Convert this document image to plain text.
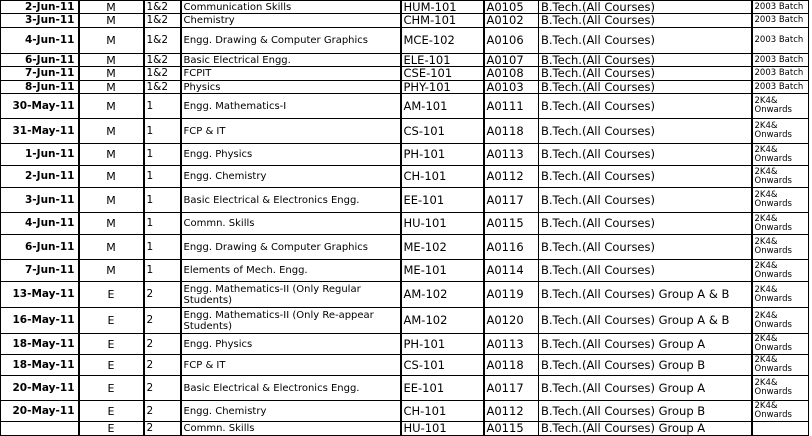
2-Jun-11	M	1&2	Communication Skills	HUM-101	A0105	B.Tech.(All Courses)	2003 Batch
3-Jun-11	M	1&2	Chemistry	CHM-101	A0102	B.Tech.(All Courses)	2003 Batch
4-Jun-11	M	1&2	Engg. Drawing & Computer Graphics	MCE-102	A0106	B.Tech.(All Courses)	2003 Batch
6-Jun-11	M	1&2	Basic Electrical Engg.	ELE-101	A0107	B.Tech.(All Courses)	2003 Batch
7-Jun-11	M	1&2	FCPIT	CSE-101	A0108	B.Tech.(All Courses)	2003 Batch
8-Jun-11	M	1&2	Physics	PHY-101	A0103	B.Tech.(All Courses)	2003 Batch
30-May-11	M	1	Engg. Mathematics-I	AM-101	A0111	B.Tech.(All Courses)	2K4& Onwards
31-May-11	M	1	FCP & IT	CS-101	A0118	B.Tech.(All Courses)	2K4& Onwards
1-Jun-11	M	1	Engg. Physics	PH-101	A0113	B.Tech.(All Courses)	2K4& Onwards
2-Jun-11	M	1	Engg. Chemistry	CH-101	A0112	B.Tech.(All Courses)	2K4& Onwards
3-Jun-11	M	1	Basic Electrical & Electronics Engg.	EE-101	A0117	B.Tech.(All Courses)	2K4& Onwards
4-Jun-11	M	1	Commn. Skills	HU-101	A0115	B.Tech.(All Courses)	2K4& Onwards
6-Jun-11	M	1	Engg. Drawing & Computer Graphics	ME-102	A0116	B.Tech.(All Courses)	2K4& Onwards
7-Jun-11	M	1	Elements of Mech. Engg.	ME-101	A0114	B.Tech.(All Courses)	2K4& Onwards
13-May-11	E	2	Engg. Mathematics-II (Only Regular Students)	AM-102	A0119	B.Tech.(All Courses) Group A & B	2K4& Onwards
16-May-11	E	2	Engg. Mathematics-II (Only Re-appear Students)	AM-102	A0120	B.Tech.(All Courses) Group A & B	2K4& Onwards
18-May-11	E	2	Engg. Physics	PH-101	A0113	B.Tech.(All Courses) Group A	2K4& Onwards
18-May-11	E	2	FCP & IT	CS-101	A0118	B.Tech.(All Courses) Group B	2K4& Onwards
20-May-11	E	2	Basic Electrical & Electronics Engg.	EE-101	A0117	B.Tech.(All Courses) Group A	2K4& Onwards
20-May-11	E	2	Engg. Chemistry	CH-101	A0112	B.Tech.(All Courses) Group B	2K4& Onwards
	E	2	Commn. Skills	HU-101	A0115	B.Tech.(All Courses) Group A	
